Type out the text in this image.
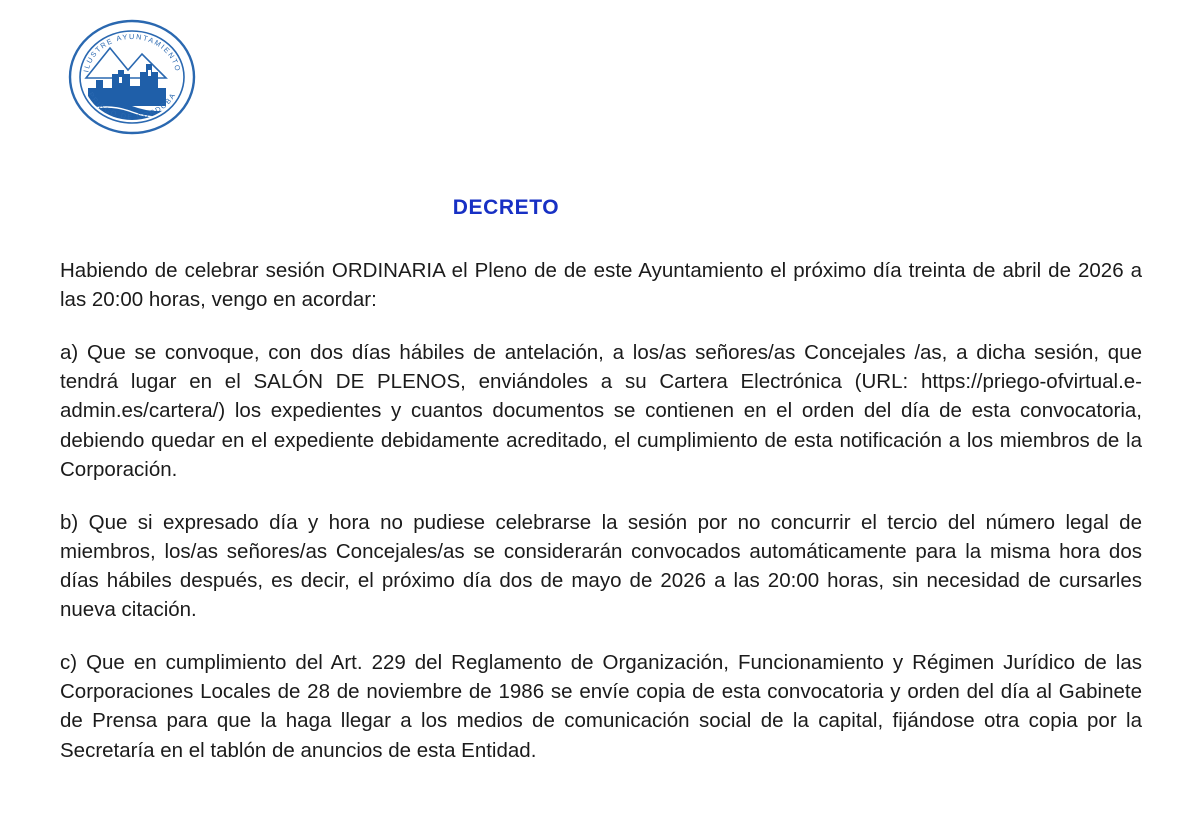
ILUSTRE AYUNTAMIENTO
PRIEGO DE CORDOBA
DECRETO

Habiendo de celebrar sesión ORDINARIA el Pleno de de este Ayuntamiento el próximo día treinta de abril de 2026 a las 20:00 horas, vengo en acordar:

a) Que se convoque, con dos días hábiles de antelación, a los/as señores/as Concejales /as, a dicha sesión, que tendrá lugar en el SALÓN DE PLENOS, enviándoles a su Cartera Electrónica (URL: https://priego-ofvirtual.e-admin.es/cartera/) los expedientes y cuantos documentos se contienen en el orden del día de esta convocatoria, debiendo quedar en el expediente debidamente acreditado, el cumplimiento de esta notificación a los miembros de la Corporación.

b) Que si expresado día y hora no pudiese celebrarse la sesión por no concurrir el tercio del número legal de miembros, los/as señores/as Concejales/as se considerarán convocados automáticamente para la misma hora dos días hábiles después, es decir, el próximo día dos de mayo de 2026 a las 20:00 horas, sin necesidad de cursarles nueva citación.

c) Que en cumplimiento del Art. 229 del Reglamento de Organización, Funcionamiento y Régimen Jurídico de las Corporaciones Locales de 28 de noviembre de 1986 se envíe copia de esta convocatoria y orden del día al Gabinete de Prensa para que la haga llegar a los medios de comunicación social de la capital, fijándose otra copia por la Secretaría en el tablón de anuncios de esta Entidad.
